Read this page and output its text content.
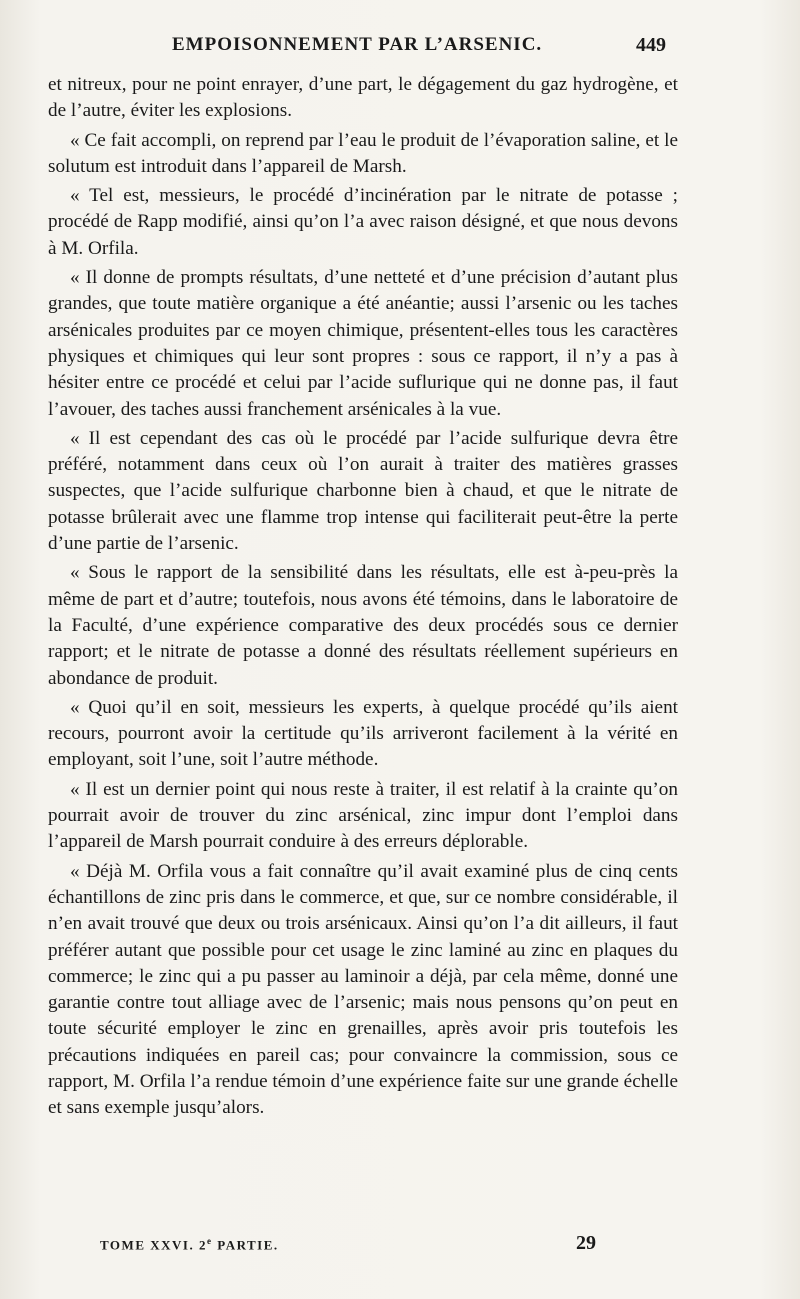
EMPOISONNEMENT PAR L’ARSENIC.	449

et nitreux, pour ne point enrayer, d’une part, le dégagement du gaz hydrogène, et de l’autre, éviter les explosions.

« Ce fait accompli, on reprend par l’eau le produit de l’évaporation saline, et le solutum est introduit dans l’appareil de Marsh.

« Tel est, messieurs, le procédé d’incinération par le nitrate de potasse ; procédé de Rapp modifié, ainsi qu’on l’a avec raison désigné, et que nous devons à M. Orfila.

« Il donne de prompts résultats, d’une netteté et d’une précision d’autant plus grandes, que toute matière organique a été anéantie; aussi l’arsenic ou les taches arsénicales produites par ce moyen chimique, présentent-elles tous les caractères physiques et chimiques qui leur sont propres : sous ce rapport, il n’y a pas à hésiter entre ce procédé et celui par l’acide suflurique qui ne donne pas, il faut l’avouer, des taches aussi franchement arsénicales à la vue.

« Il est cependant des cas où le procédé par l’acide sulfurique devra être préféré, notamment dans ceux où l’on aurait à traiter des matières grasses suspectes, que l’acide sulfurique charbonne bien à chaud, et que le nitrate de potasse brûlerait avec une flamme trop intense qui faciliterait peut-être la perte d’une partie de l’arsenic.

« Sous le rapport de la sensibilité dans les résultats, elle est à-peu-près la même de part et d’autre; toutefois, nous avons été témoins, dans le laboratoire de la Faculté, d’une expérience comparative des deux procédés sous ce dernier rapport; et le nitrate de potasse a donné des résultats réellement supérieurs en abondance de produit.

« Quoi qu’il en soit, messieurs les experts, à quelque procédé qu’ils aient recours, pourront avoir la certitude qu’ils arriveront facilement à la vérité en employant, soit l’une, soit l’autre méthode.

« Il est un dernier point qui nous reste à traiter, il est relatif à la crainte qu’on pourrait avoir de trouver du zinc arsénical, zinc impur dont l’emploi dans l’appareil de Marsh pourrait conduire à des erreurs déplorable.

« Déjà M. Orfila vous a fait connaître qu’il avait examiné plus de cinq cents échantillons de zinc pris dans le commerce, et que, sur ce nombre considérable, il n’en avait trouvé que deux ou trois arsénicaux. Ainsi qu’on l’a dit ailleurs, il faut préférer autant que possible pour cet usage le zinc laminé au zinc en plaques du commerce; le zinc qui a pu passer au laminoir a déjà, par cela même, donné une garantie contre tout alliage avec de l’arsenic; mais nous pensons qu’on peut en toute sécurité employer le zinc en grenailles, après avoir pris toutefois les précautions indiquées en pareil cas; pour convaincre la commission, sous ce rapport, M. Orfila l’a rendue témoin d’une expérience faite sur une grande échelle et sans exemple jusqu’alors.

TOME XXVI. 2e PARTIE.	29
